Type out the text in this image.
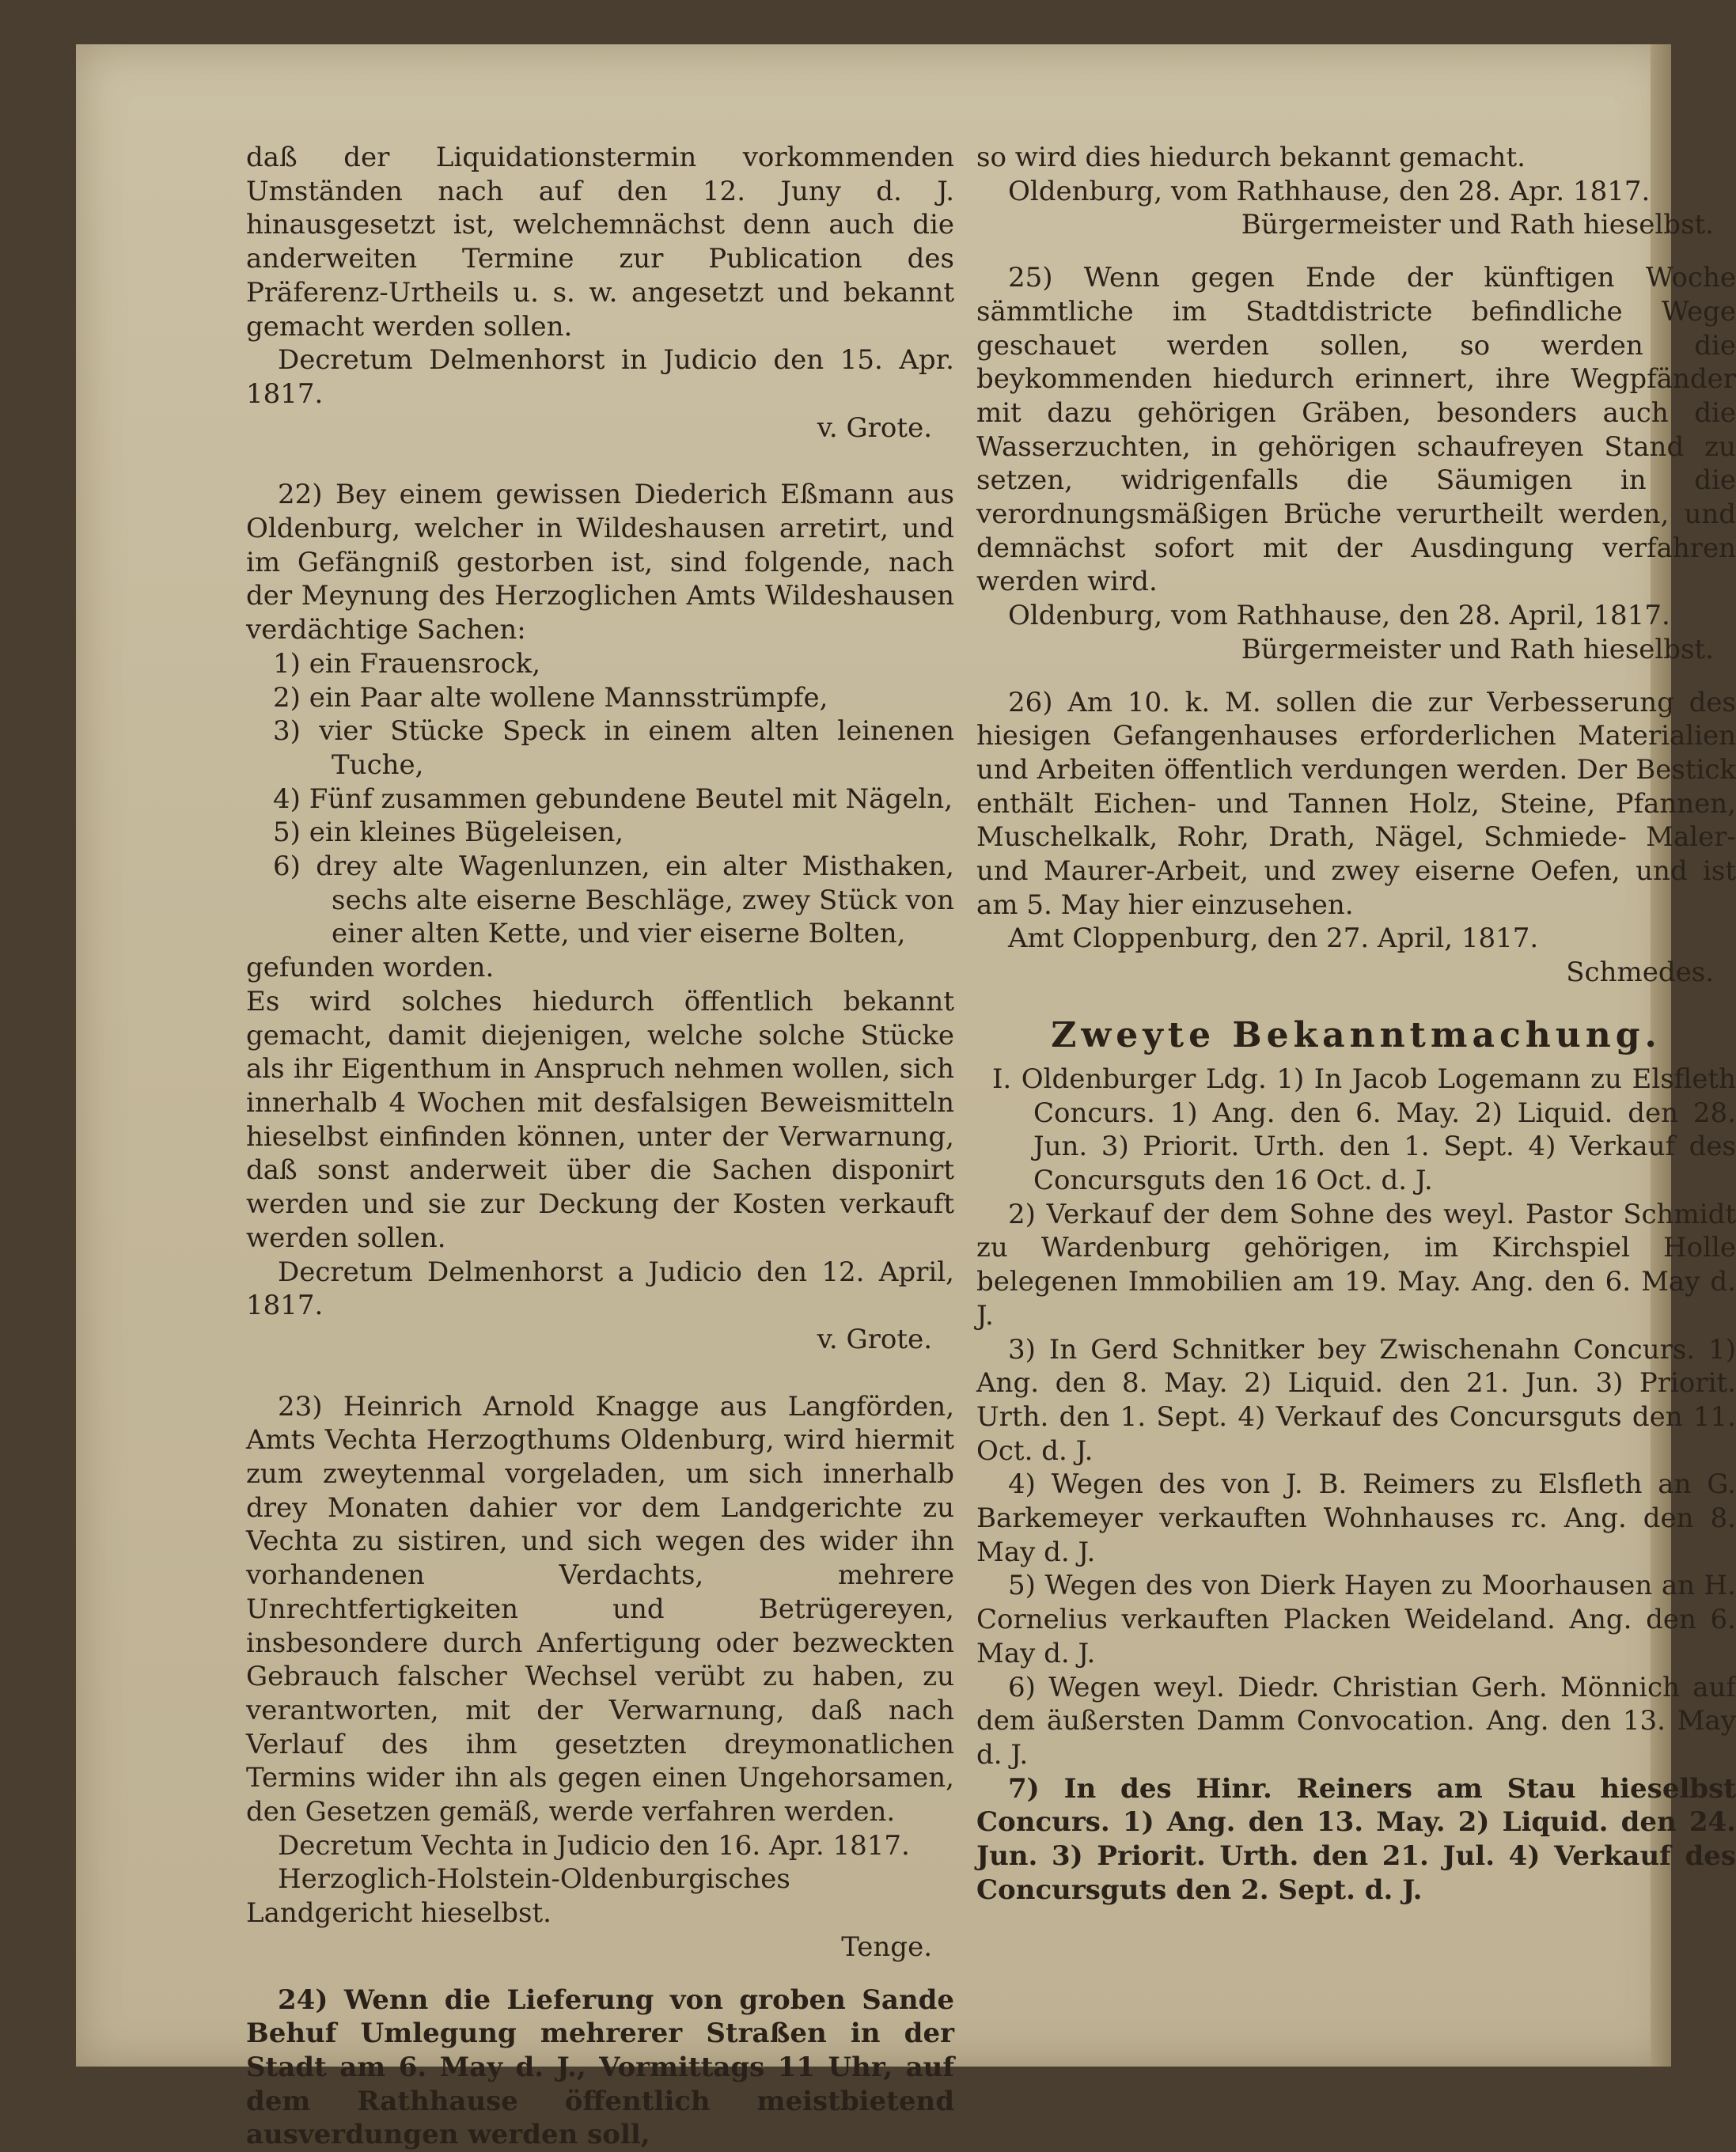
daß der Liquidationstermin vorkommenden Umständen nach auf den 12. Juny d. J. hinausgesetzt ist, welchemnächst denn auch die anderweiten Termine zur Publication des Präferenz-Urtheils u. s. w. angesetzt und bekannt gemacht werden sollen.

Decretum Delmenhorst in Judicio den 15. Apr. 1817.

v. Grote.

22) Bey einem gewissen Diederich Eßmann aus Oldenburg, welcher in Wildeshausen arretirt, und im Gefängniß gestorben ist, sind folgende, nach der Meynung des Herzoglichen Amts Wildeshausen verdächtige Sachen:

1) ein Frauensrock,

2) ein Paar alte wollene Mannsstrümpfe,

3) vier Stücke Speck in einem alten leinenen Tuche,

4) Fünf zusammen gebundene Beutel mit Nägeln,

5) ein kleines Bügeleisen,

6) drey alte Wagenlunzen, ein alter Misthaken, sechs alte eiserne Beschläge, zwey Stück von einer alten Kette, und vier eiserne Bolten,

gefunden worden.

Es wird solches hiedurch öffentlich bekannt gemacht, damit diejenigen, welche solche Stücke als ihr Eigenthum in Anspruch nehmen wollen, sich innerhalb 4 Wochen mit desfalsigen Beweismitteln hieselbst einfinden können, unter der Verwarnung, daß sonst anderweit über die Sachen disponirt werden und sie zur Deckung der Kosten verkauft werden sollen.

Decretum Delmenhorst a Judicio den 12. April, 1817.

v. Grote.

23) Heinrich Arnold Knagge aus Langförden, Amts Vechta Herzogthums Oldenburg, wird hiermit zum zweytenmal vorgeladen, um sich innerhalb drey Monaten dahier vor dem Landgerichte zu Vechta zu sistiren, und sich wegen des wider ihn vorhandenen Verdachts, mehrere Unrechtfertigkeiten und Betrügereyen, insbesondere durch Anfertigung oder bezweckten Gebrauch falscher Wechsel verübt zu haben, zu verantworten, mit der Verwarnung, daß nach Verlauf des ihm gesetzten dreymonatlichen Termins wider ihn als gegen einen Ungehorsamen, den Gesetzen gemäß, werde verfahren werden.

Decretum Vechta in Judicio den 16. Apr. 1817.

Herzoglich-Holstein-Oldenburgisches Landgericht hieselbst.

Tenge.

24) Wenn die Lieferung von groben Sande Behuf Umlegung mehrerer Straßen in der Stadt am 6. May d. J., Vormittags 11 Uhr, auf dem Rathhause öffentlich meistbietend ausverdungen werden soll,

so wird dies hiedurch bekannt gemacht.

Oldenburg, vom Rathhause, den 28. Apr. 1817.

Bürgermeister und Rath hieselbst.

25) Wenn gegen Ende der künftigen Woche sämmtliche im Stadtdistricte befindliche Wege geschauet werden sollen, so werden die beykommenden hiedurch erinnert, ihre Wegpfänder mit dazu gehörigen Gräben, besonders auch die Wasserzuchten, in gehörigen schaufreyen Stand zu setzen, widrigenfalls die Säumigen in die verordnungsmäßigen Brüche verurtheilt werden, und demnächst sofort mit der Ausdingung verfahren werden wird.

Oldenburg, vom Rathhause, den 28. April, 1817.

Bürgermeister und Rath hieselbst.

26) Am 10. k. M. sollen die zur Verbesserung des hiesigen Gefangenhauses erforderlichen Materialien und Arbeiten öffentlich verdungen werden. Der Bestick enthält Eichen- und Tannen Holz, Steine, Pfannen, Muschelkalk, Rohr, Drath, Nägel, Schmiede- Maler- und Maurer-Arbeit, und zwey eiserne Oefen, und ist am 5. May hier einzusehen.

Amt Cloppenburg, den 27. April, 1817.

Schmedes.

Zweyte Bekanntmachung.

I. Oldenburger Ldg. 1) In Jacob Logemann zu Elsfleth Concurs. 1) Ang. den 6. May. 2) Liquid. den 28. Jun. 3) Priorit. Urth. den 1. Sept. 4) Verkauf des Concursguts den 16 Oct. d. J.

2) Verkauf der dem Sohne des weyl. Pastor Schmidt zu Wardenburg gehörigen, im Kirchspiel Holle belegenen Immobilien am 19. May. Ang. den 6. May d. J.

3) In Gerd Schnitker bey Zwischenahn Concurs. 1) Ang. den 8. May. 2) Liquid. den 21. Jun. 3) Priorit. Urth. den 1. Sept. 4) Verkauf des Concursguts den 11. Oct. d. J.

4) Wegen des von J. B. Reimers zu Elsfleth an G. Barkemeyer verkauften Wohnhauses rc. Ang. den 8. May d. J.

5) Wegen des von Dierk Hayen zu Moorhausen an H. Cornelius verkauften Placken Weideland. Ang. den 6. May d. J.

6) Wegen weyl. Diedr. Christian Gerh. Mönnich auf dem äußersten Damm Convocation. Ang. den 13. May d. J.

7) In des Hinr. Reiners am Stau hieselbst Concurs. 1) Ang. den 13. May. 2) Liquid. den 24. Jun. 3) Priorit. Urth. den 21. Jul. 4) Verkauf des Concursguts den 2. Sept. d. J.
